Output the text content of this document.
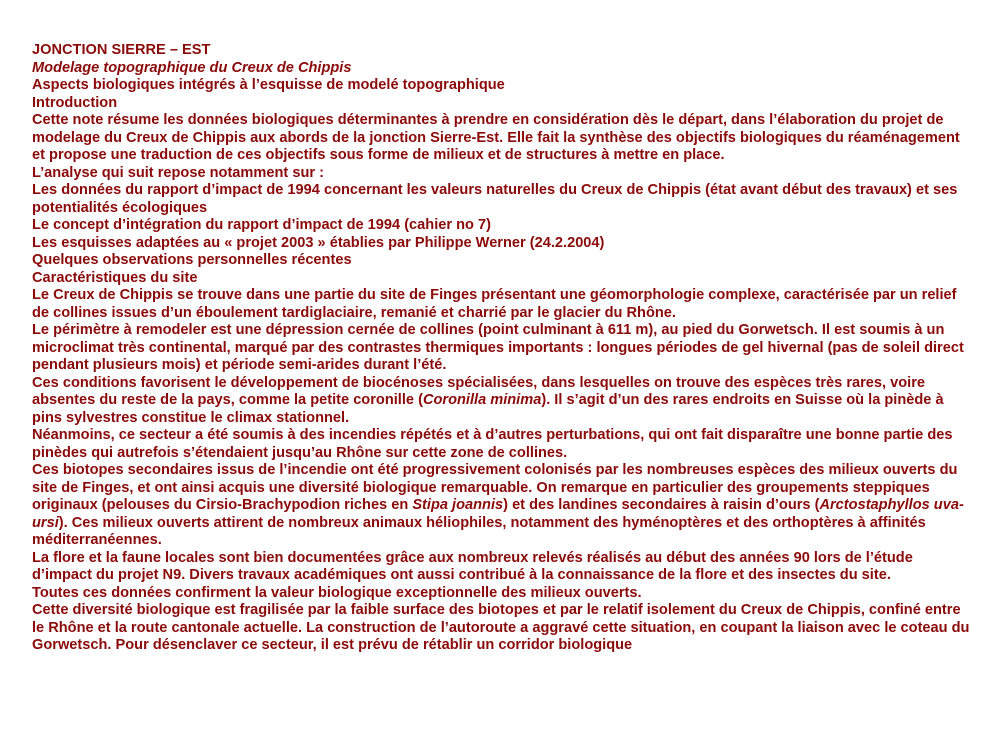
JONCTION SIERRE – EST

Modelage topographique du Creux de Chippis

Aspects biologiques intégrés à l’esquisse de modelé topographique

Introduction

Cette note résume les données biologiques déterminantes à prendre en considération dès le départ, dans l’élaboration du projet de modelage du Creux de Chippis aux abords de la jonction Sierre-Est. Elle fait la synthèse des objectifs biologiques du réaménagement et propose une traduction de ces objectifs sous forme de milieux et de structures à mettre en place.

L’analyse qui suit repose notamment sur :

Les données du rapport d’impact de 1994 concernant les valeurs naturelles du Creux de Chippis (état avant début des travaux) et ses potentialités écologiques

Le concept d’intégration du rapport d’impact de 1994 (cahier no 7)

Les esquisses adaptées au « projet 2003 » établies par Philippe Werner (24.2.2004)

Quelques observations personnelles récentes

Caractéristiques du site

Le Creux de Chippis se trouve dans une partie du site de Finges présentant une géomorphologie complexe, caractérisée par un relief de collines issues d’un éboulement tardiglaciaire, remanié et charrié par le glacier du Rhône.

Le périmètre à remodeler est une dépression cernée de collines (point culminant à 611 m), au pied du Gorwetsch. Il est soumis à un microclimat très continental, marqué par des contrastes thermiques importants : longues périodes de gel hivernal (pas de soleil direct pendant plusieurs mois) et période semi-arides durant l’été.

Ces conditions favorisent le développement de biocénoses spécialisées, dans lesquelles on trouve des espèces très rares, voire absentes du reste de la pays, comme la petite coronille (Coronilla minima). Il s’agit d’un des rares endroits en Suisse où la pinède à pins sylvestres constitue le climax stationnel.

Néanmoins, ce secteur a été soumis à des incendies répétés et à d’autres perturbations, qui ont fait disparaître une bonne partie des pinèdes qui autrefois s’étendaient jusqu’au Rhône sur cette zone de collines.

Ces biotopes secondaires issus de l’incendie ont été progressivement colonisés par les nombreuses espèces des milieux ouverts du site de Finges, et ont ainsi acquis une diversité biologique remarquable. On remarque en particulier des groupements steppiques originaux (pelouses du Cirsio-Brachypodion riches en Stipa joannis) et des landines secondaires à raisin d’ours (Arctostaphyllos uva-ursi). Ces milieux ouverts attirent de nombreux animaux héliophiles, notamment des hyménoptères et des orthoptères à affinités méditerranéennes.

La flore et la faune locales sont bien documentées grâce aux nombreux relevés réalisés au début des années 90 lors de l’étude d’impact du projet N9. Divers travaux académiques ont aussi contribué à la connaissance de la flore et des insectes du site.

Toutes ces données confirment la valeur biologique exceptionnelle des milieux ouverts.

Cette diversité biologique est fragilisée par la faible surface des biotopes et par le relatif isolement du Creux de Chippis, confiné entre le Rhône et la route cantonale actuelle. La construction de l’autoroute a aggravé cette situation, en coupant la liaison avec le coteau du Gorwetsch. Pour désenclaver ce secteur, il est prévu de rétablir un corridor biologique
